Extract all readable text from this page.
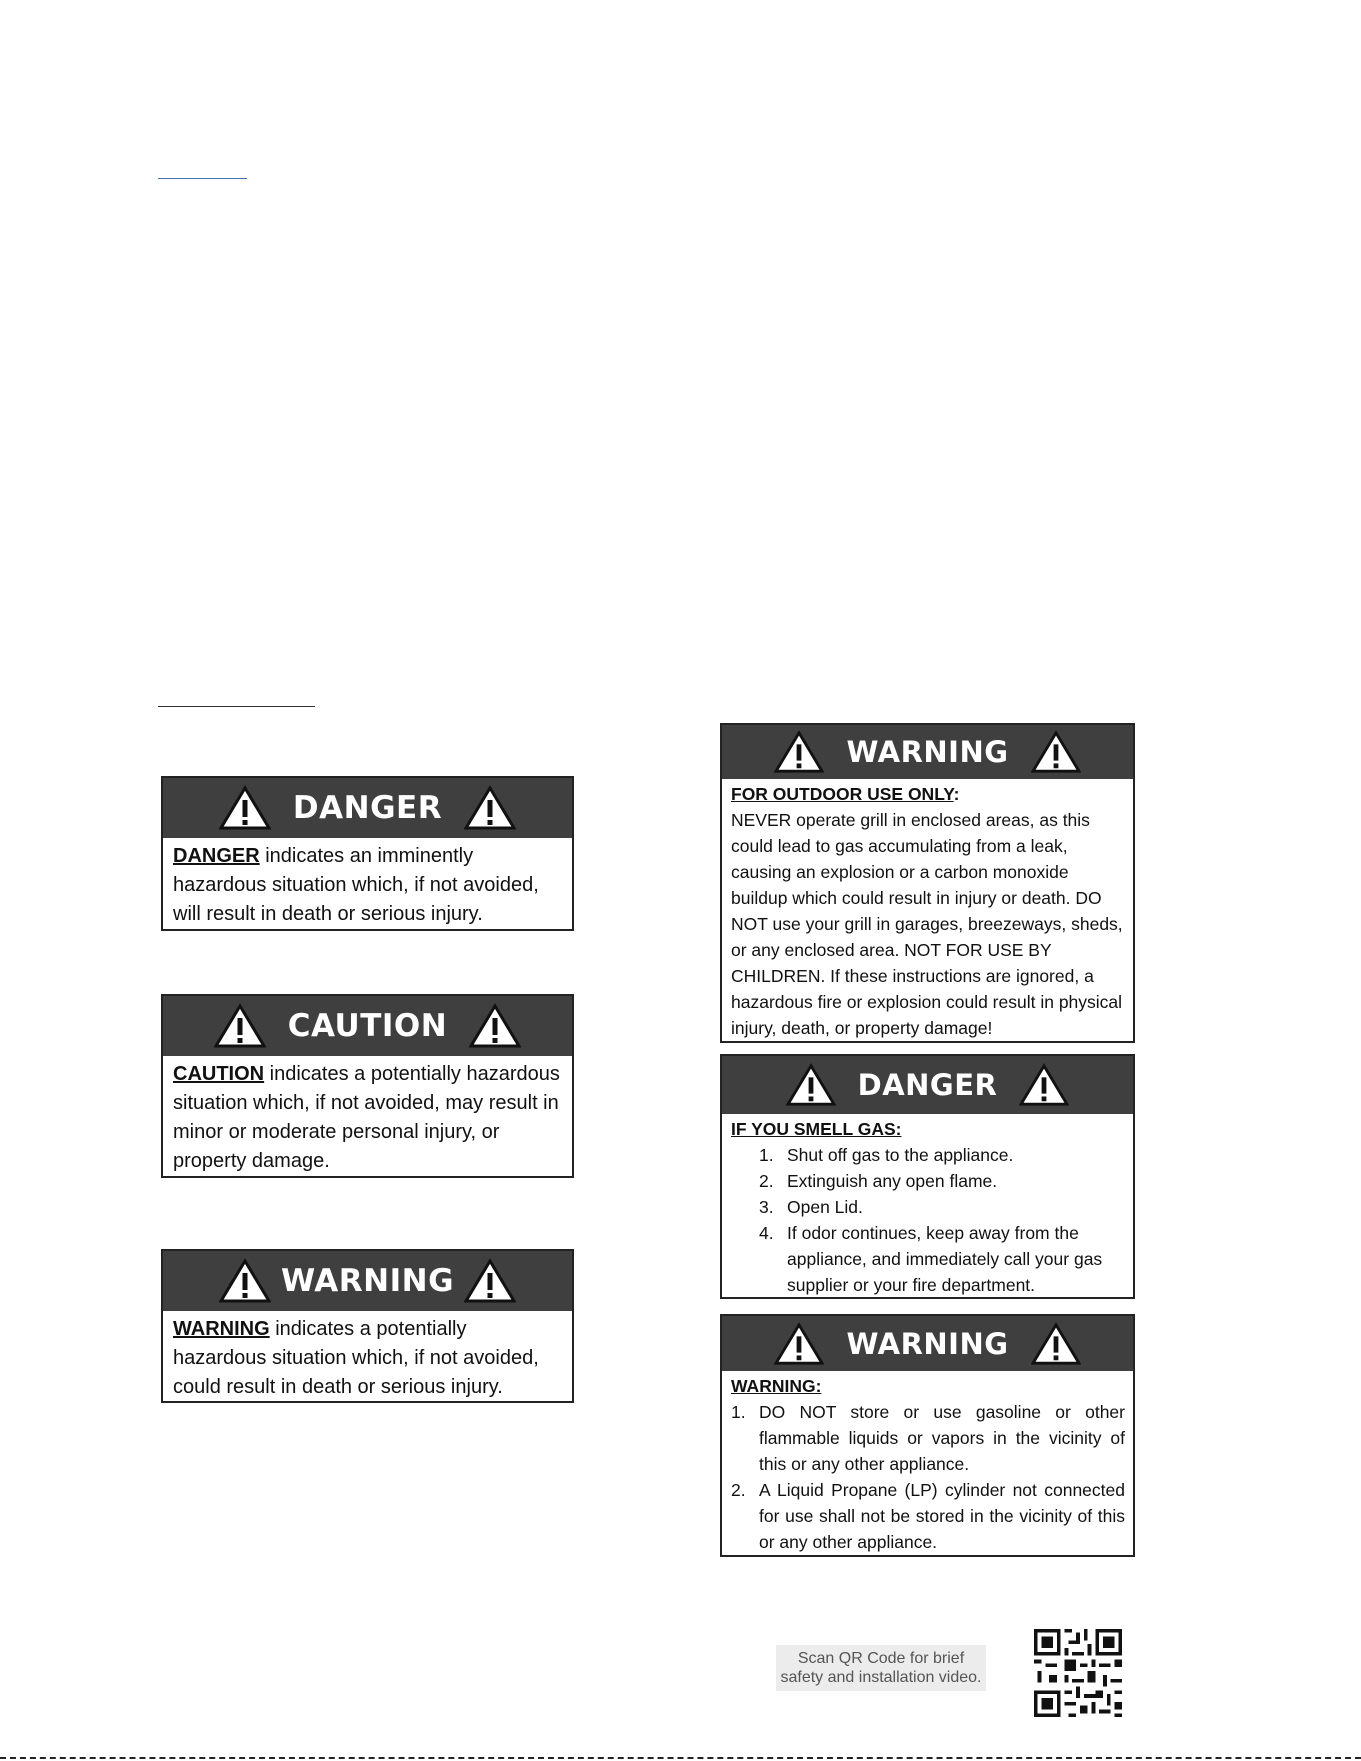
DANGER
DANGER indicates an imminently hazardous situation which, if not avoided, will result in death or serious injury.
CAUTION
CAUTION indicates a potentially hazardous situation which, if not avoided, may result in minor or moderate personal injury, or property damage.
WARNING
WARNING indicates a potentially hazardous situation which, if not avoided, could result in death or serious injury.
WARNING
FOR OUTDOOR USE ONLY:
NEVER operate grill in enclosed areas, as this could lead to gas accumulating from a leak, causing an explosion or a carbon monoxide buildup which could result in injury or death. DO NOT use your grill in garages, breezeways, sheds, or any enclosed area. NOT FOR USE BY CHILDREN. If these instructions are ignored, a hazardous fire or explosion could result in physical injury, death, or property damage!
DANGER
IF YOU SMELL GAS:
1. Shut off gas to the appliance.
2. Extinguish any open flame.
3. Open Lid.
4. If odor continues, keep away from the appliance, and immediately call your gas supplier or your fire department.
WARNING
WARNING:
1. DO NOT store or use gasoline or other flammable liquids or vapors in the vicinity of this or any other appliance.
2. A Liquid Propane (LP) cylinder not connected for use shall not be stored in the vicinity of this or any other appliance.
Scan QR Code for brief safety and installation video.
